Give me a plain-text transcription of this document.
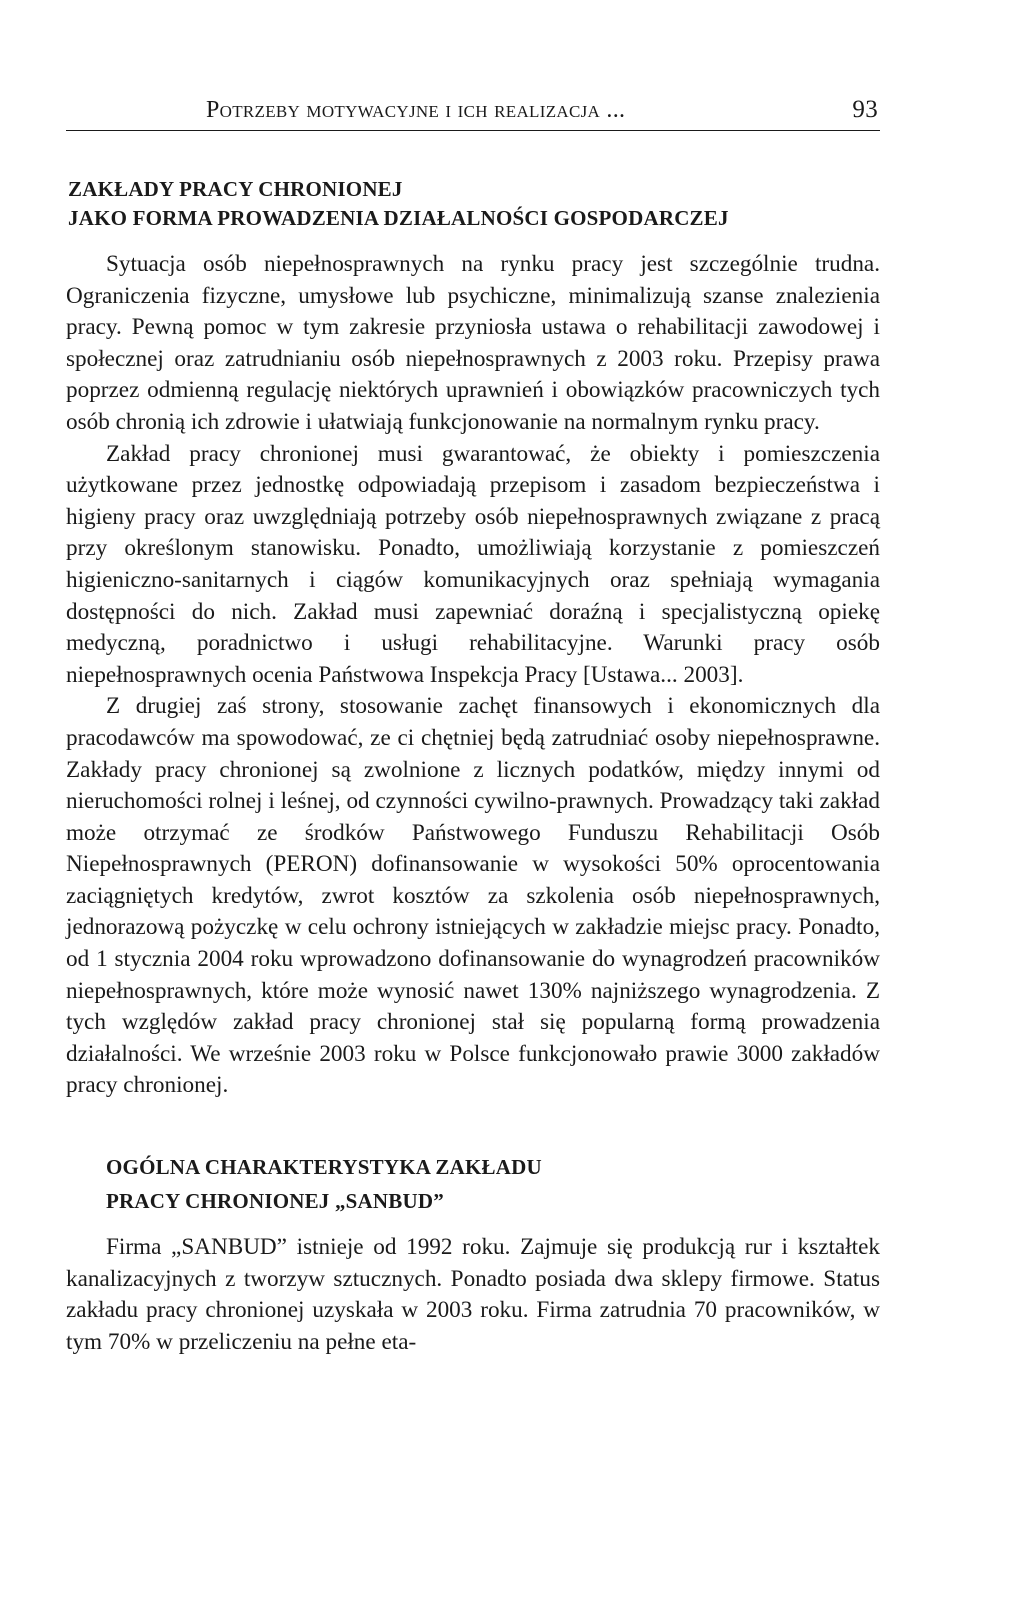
Potrzeby motywacyjne i ich realizacja ...	93
ZAKŁADY PRACY CHRONIONEJ
JAKO FORMA PROWADZENIA DZIAŁALNOŚCI GOSPODARCZEJ

Sytuacja osób niepełnosprawnych na rynku pracy jest szczególnie trudna. Ograniczenia fizyczne, umysłowe lub psychiczne, minimalizują szanse znalezienia pracy. Pewną pomoc w tym zakresie przyniosła ustawa o rehabilitacji zawodowej i społecznej oraz zatrudnianiu osób niepełnosprawnych z 2003 roku. Przepisy prawa poprzez odmienną regulację niektórych uprawnień i obowiązków pracowniczych tych osób chronią ich zdrowie i ułatwiają funkcjonowanie na normalnym rynku pracy.

Zakład pracy chronionej musi gwarantować, że obiekty i pomieszczenia użytkowane przez jednostkę odpowiadają przepisom i zasadom bezpieczeństwa i higieny pracy oraz uwzględniają potrzeby osób niepełnosprawnych związane z pracą przy określonym stanowisku. Ponadto, umożliwiają korzystanie z pomieszczeń higieniczno-sanitarnych i ciągów komunikacyjnych oraz spełniają wymagania dostępności do nich. Zakład musi zapewniać doraźną i specjalistyczną opiekę medyczną, poradnictwo i usługi rehabilitacyjne. Warunki pracy osób niepełnosprawnych ocenia Państwowa Inspekcja Pracy [Ustawa... 2003].

Z drugiej zaś strony, stosowanie zachęt finansowych i ekonomicznych dla pracodawców ma spowodować, ze ci chętniej będą zatrudniać osoby niepełnosprawne. Zakłady pracy chronionej są zwolnione z licznych podatków, między innymi od nieruchomości rolnej i leśnej, od czynności cywilno-prawnych. Prowadzący taki zakład może otrzymać ze środków Państwowego Funduszu Rehabilitacji Osób Niepełnosprawnych (PERON) dofinansowanie w wysokości 50% oprocentowania zaciągniętych kredytów, zwrot kosztów za szkolenia osób niepełnosprawnych, jednorazową pożyczkę w celu ochrony istniejących w zakładzie miejsc pracy. Ponadto, od 1 stycznia 2004 roku wprowadzono dofinansowanie do wynagrodzeń pracowników niepełnosprawnych, które może wynosić nawet 130% najniższego wynagrodzenia. Z tych względów zakład pracy chronionej stał się popularną formą prowadzenia działalności. We wrześnie 2003 roku w Polsce funkcjonowało prawie 3000 zakładów pracy chronionej.

OGÓLNA CHARAKTERYSTYKA ZAKŁADU
PRACY CHRONIONEJ „SANBUD”

Firma „SANBUD” istnieje od 1992 roku. Zajmuje się produkcją rur i kształtek kanalizacyjnych z tworzyw sztucznych. Ponadto posiada dwa sklepy firmowe. Status zakładu pracy chronionej uzyskała w 2003 roku. Firma zatrudnia 70 pracowników, w tym 70% w przeliczeniu na pełne eta-
